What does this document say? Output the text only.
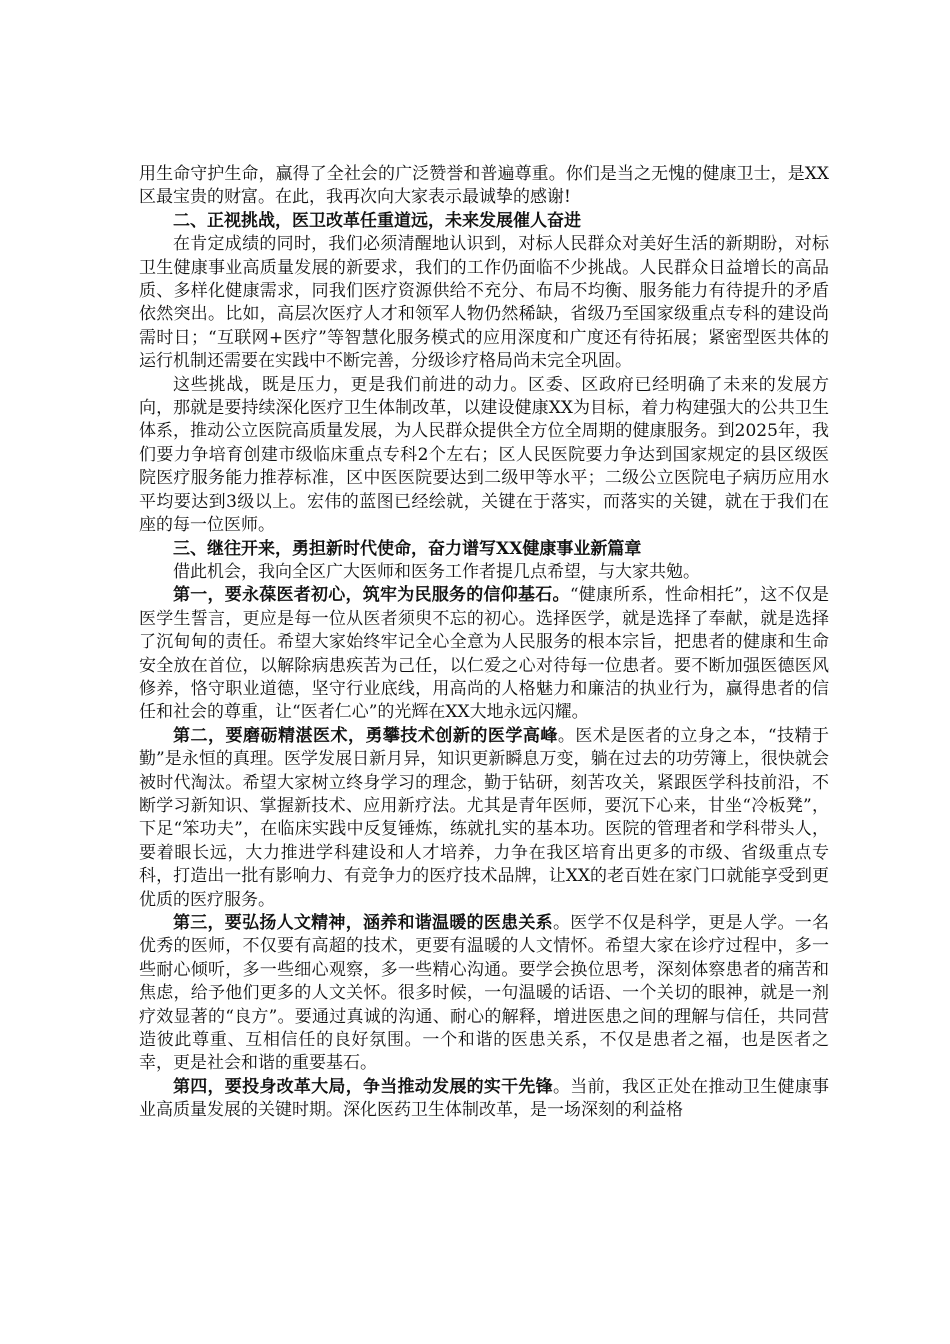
用生命守护生命，赢得了全社会的广泛赞誉和普遍尊重。你们是当之无愧的健康卫士，是XX区最宝贵的财富。在此，我再次向大家表示最诚挚的感谢!

二、正视挑战，医卫改革任重道远，未来发展催人奋进

在肯定成绩的同时，我们必须清醒地认识到，对标人民群众对美好生活的新期盼，对标卫生健康事业高质量发展的新要求，我们的工作仍面临不少挑战。人民群众日益增长的高品质、多样化健康需求，同我们医疗资源供给不充分、布局不均衡、服务能力有待提升的矛盾依然突出。比如，高层次医疗人才和领军人物仍然稀缺，省级乃至国家级重点专科的建设尚需时日；“互联网+医疗”等智慧化服务模式的应用深度和广度还有待拓展；紧密型医共体的运行机制还需要在实践中不断完善，分级诊疗格局尚未完全巩固。

这些挑战，既是压力，更是我们前进的动力。区委、区政府已经明确了未来的发展方向，那就是要持续深化医疗卫生体制改革，以建设健康XX为目标，着力构建强大的公共卫生体系，推动公立医院高质量发展，为人民群众提供全方位全周期的健康服务。到2025年，我们要力争培育创建市级临床重点专科2个左右；区人民医院要力争达到国家规定的县区级医院医疗服务能力推荐标准，区中医医院要达到二级甲等水平；二级公立医院电子病历应用水平均要达到3级以上。宏伟的蓝图已经绘就，关键在于落实，而落实的关键，就在于我们在座的每一位医师。

三、继往开来，勇担新时代使命，奋力谱写XX健康事业新篇章

借此机会，我向全区广大医师和医务工作者提几点希望，与大家共勉。

第一，要永葆医者初心，筑牢为民服务的信仰基石。“健康所系，性命相托”，这不仅是医学生誓言，更应是每一位从医者须臾不忘的初心。选择医学，就是选择了奉献，就是选择了沉甸甸的责任。希望大家始终牢记全心全意为人民服务的根本宗旨，把患者的健康和生命安全放在首位，以解除病患疾苦为己任，以仁爱之心对待每一位患者。要不断加强医德医风修养，恪守职业道德，坚守行业底线，用高尚的人格魅力和廉洁的执业行为，赢得患者的信任和社会的尊重，让“医者仁心”的光辉在XX大地永远闪耀。

第二，要磨砺精湛医术，勇攀技术创新的医学高峰。医术是医者的立身之本，“技精于勤”是永恒的真理。医学发展日新月异，知识更新瞬息万变，躺在过去的功劳簿上，很快就会被时代淘汰。希望大家树立终身学习的理念，勤于钻研，刻苦攻关，紧跟医学科技前沿，不断学习新知识、掌握新技术、应用新疗法。尤其是青年医师，要沉下心来，甘坐“冷板凳”，下足“笨功夫”，在临床实践中反复锤炼，练就扎实的基本功。医院的管理者和学科带头人，要着眼长远，大力推进学科建设和人才培养，力争在我区培育出更多的市级、省级重点专科，打造出一批有影响力、有竞争力的医疗技术品牌，让XX的老百姓在家门口就能享受到更优质的医疗服务。

第三，要弘扬人文精神，涵养和谐温暖的医患关系。医学不仅是科学，更是人学。一名优秀的医师，不仅要有高超的技术，更要有温暖的人文情怀。希望大家在诊疗过程中，多一些耐心倾听，多一些细心观察，多一些精心沟通。要学会换位思考，深刻体察患者的痛苦和焦虑，给予他们更多的人文关怀。很多时候，一句温暖的话语、一个关切的眼神，就是一剂疗效显著的“良方”。要通过真诚的沟通、耐心的解释，增进医患之间的理解与信任，共同营造彼此尊重、互相信任的良好氛围。一个和谐的医患关系，不仅是患者之福，也是医者之幸，更是社会和谐的重要基石。

第四，要投身改革大局，争当推动发展的实干先锋。当前，我区正处在推动卫生健康事业高质量发展的关键时期。深化医药卫生体制改革，是一场深刻的利益格
